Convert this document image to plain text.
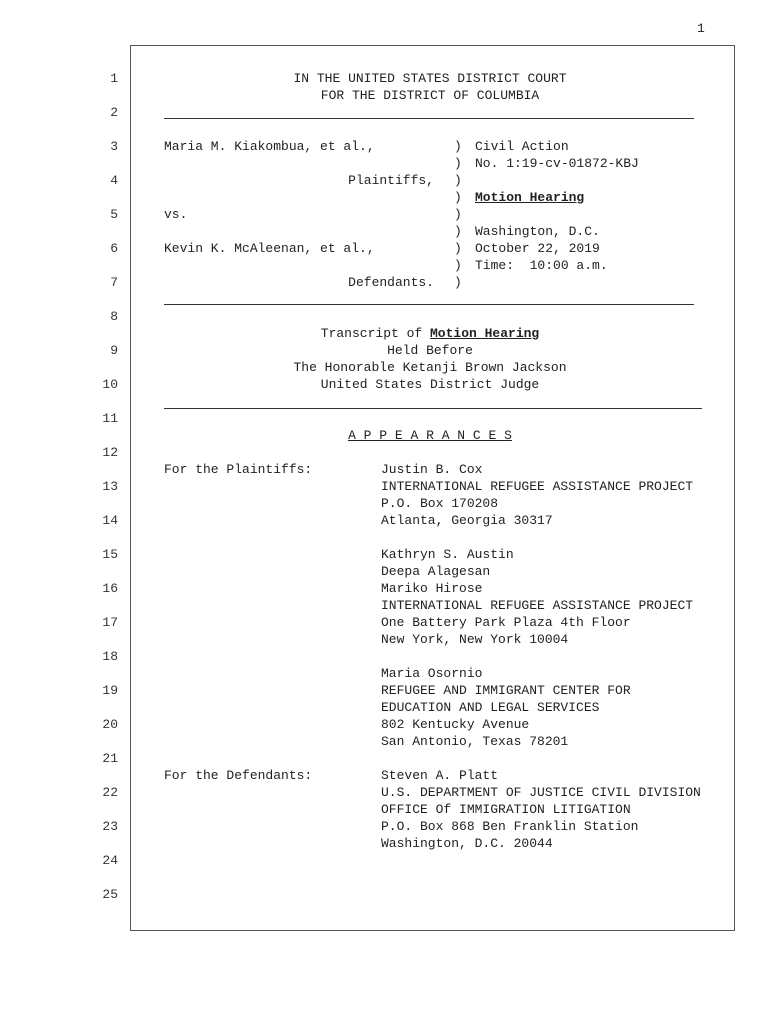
1
1
2
3
4
5
6
7
8
9
10
11
12
13
14
15
16
17
18
19
20
21
22
23
24
25
IN THE UNITED STATES DISTRICT COURT
FOR THE DISTRICT OF COLUMBIA
Maria M. Kiakombua, et al.,
Plaintiffs,
vs.
Kevin K. McAleenan, et al.,
Defendants.
)
)
)
)
)
)
)
)
)
Civil Action
No. 1:19-cv-01872-KBJ
Motion Hearing
Washington, D.C.
October 22, 2019
Time:  10:00 a.m.
Transcript of Motion Hearing
Held Before
The Honorable Ketanji Brown Jackson
United States District Judge
A P P E A R A N C E S
For the Plaintiffs:	Justin B. Cox
INTERNATIONAL REFUGEE ASSISTANCE PROJECT
P.O. Box 170208
Atlanta, Georgia 30317
Kathryn S. Austin
Deepa Alagesan
Mariko Hirose
INTERNATIONAL REFUGEE ASSISTANCE PROJECT
One Battery Park Plaza 4th Floor
New York, New York 10004
Maria Osornio
REFUGEE AND IMMIGRANT CENTER FOR
EDUCATION AND LEGAL SERVICES
802 Kentucky Avenue
San Antonio, Texas 78201
For the Defendants:	Steven A. Platt
U.S. DEPARTMENT OF JUSTICE CIVIL DIVISION
OFFICE Of IMMIGRATION LITIGATION
P.O. Box 868 Ben Franklin Station
Washington, D.C. 20044
